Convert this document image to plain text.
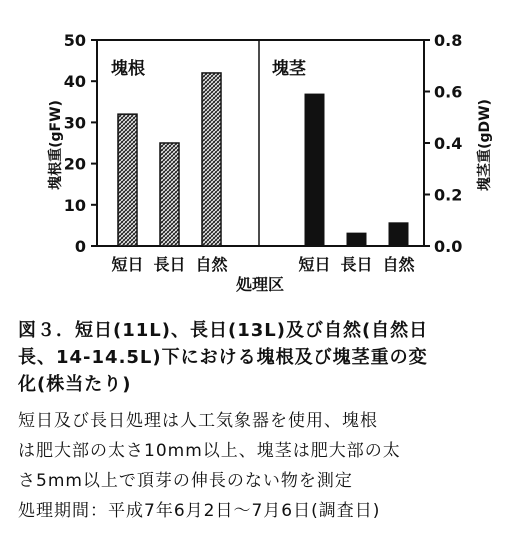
0
10
20
30
40
50
0.0
0.2
0.4
0.6
0.8
短日	短日
長日	長日
自然	自然
塊根	塊茎
塊根重(gFW)	塊茎重(gDW)
処理区
図３．短日(11L)、長日(13L)及び自然(自然日
長、14-14.5L)下における塊根及び塊茎重の変
化(株当たり)
短日及び長日処理は人工気象器を使用、塊根
は肥大部の太さ10mm以上、塊茎は肥大部の太
さ5mm以上で頂芽の伸長のない物を測定
処理期間：平成7年6月2日～7月6日(調査日)
